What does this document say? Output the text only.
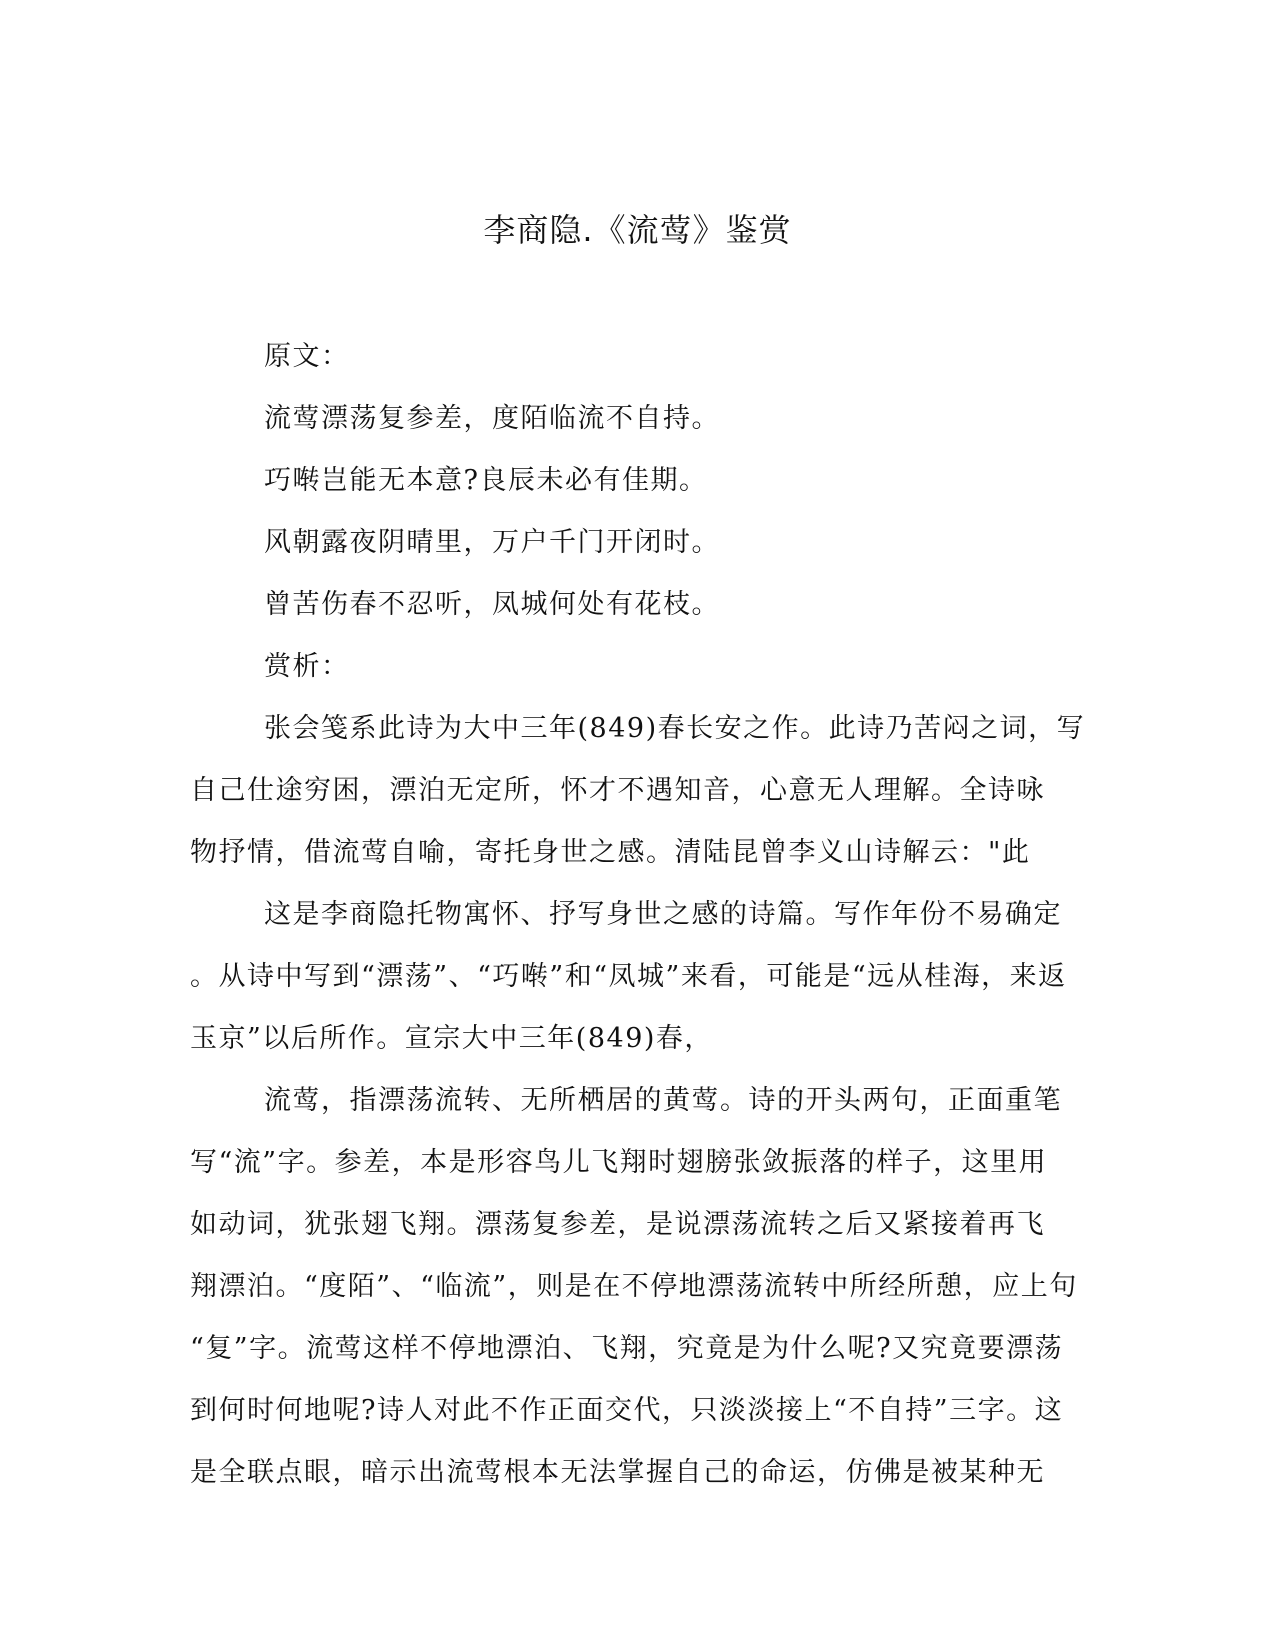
李商隐.《流莺》鉴赏
原文：
流莺漂荡复参差，度陌临流不自持。
巧啭岂能无本意?良辰未必有佳期。
风朝露夜阴晴里，万户千门开闭时。
曾苦伤春不忍听，凤城何处有花枝。
赏析：
张会笺系此诗为大中三年(849)春长安之作。此诗乃苦闷之词，写
自己仕途穷困，漂泊无定所，怀才不遇知音，心意无人理解。全诗咏
物抒情，借流莺自喻，寄托身世之感。清陆昆曾李义山诗解云："此
这是李商隐托物寓怀、抒写身世之感的诗篇。写作年份不易确定
。从诗中写到“漂荡”、“巧啭”和“凤城”来看，可能是“远从桂海，来返
玉京”以后所作。宣宗大中三年(849)春，
流莺，指漂荡流转、无所栖居的黄莺。诗的开头两句，正面重笔
写“流”字。参差，本是形容鸟儿飞翔时翅膀张敛振落的样子，这里用
如动词，犹张翅飞翔。漂荡复参差，是说漂荡流转之后又紧接着再飞
翔漂泊。“度陌”、“临流”，则是在不停地漂荡流转中所经所憩，应上句
“复”字。流莺这样不停地漂泊、飞翔，究竟是为什么呢?又究竟要漂荡
到何时何地呢?诗人对此不作正面交代，只淡淡接上“不自持”三字。这
是全联点眼，暗示出流莺根本无法掌握自己的命运，仿佛是被某种无
